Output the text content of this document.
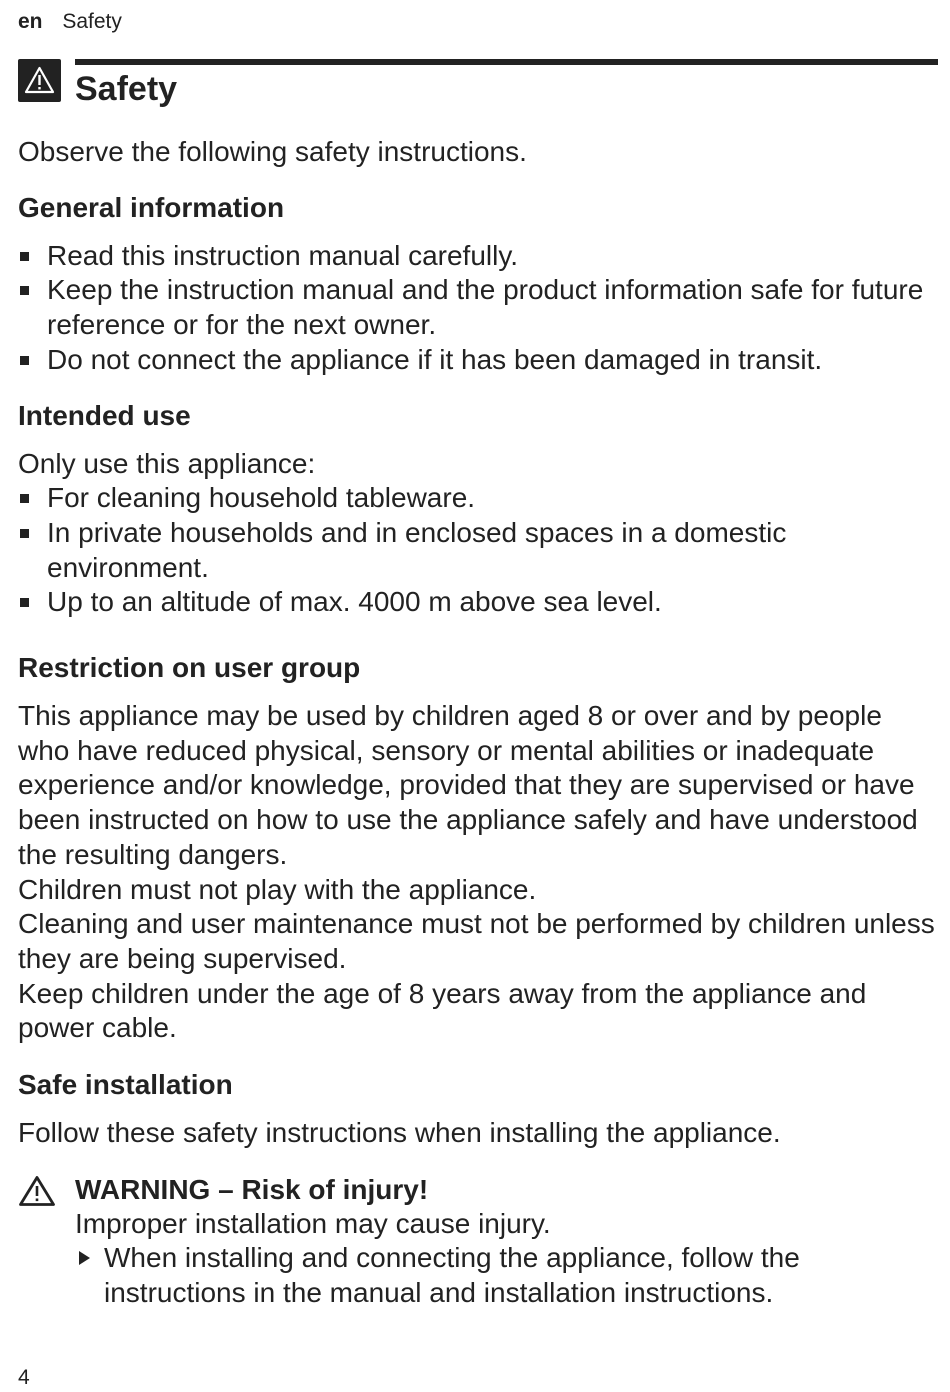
en Safety
Safety

Observe the following safety instructions.

General information
Read this instruction manual carefully.
Keep the instruction manual and the product information safe for future reference or for the next owner.
Do not connect the appliance if it has been damaged in transit.
Intended use

Only use this appliance:

For cleaning household tableware.
In private households and in enclosed spaces in a domestic environment.
Up to an altitude of max. 4000 m above sea level.
Restriction on user group

This appliance may be used by children aged 8 or over and by people who have reduced physical, sensory or mental abilities or inadequate experience and/or knowledge, provided that they are supervised or have been instructed on how to use the appliance safely and have understood the resulting dangers.

Children must not play with the appliance.

Cleaning and user maintenance must not be performed by children unless they are being supervised.

Keep children under the age of 8 years away from the appliance and power cable.

Safe installation

Follow these safety instructions when installing the appliance.

WARNING – Risk of injury!

Improper installation may cause injury.

When installing and connecting the appliance, follow the instructions in the manual and installation instructions.
4
